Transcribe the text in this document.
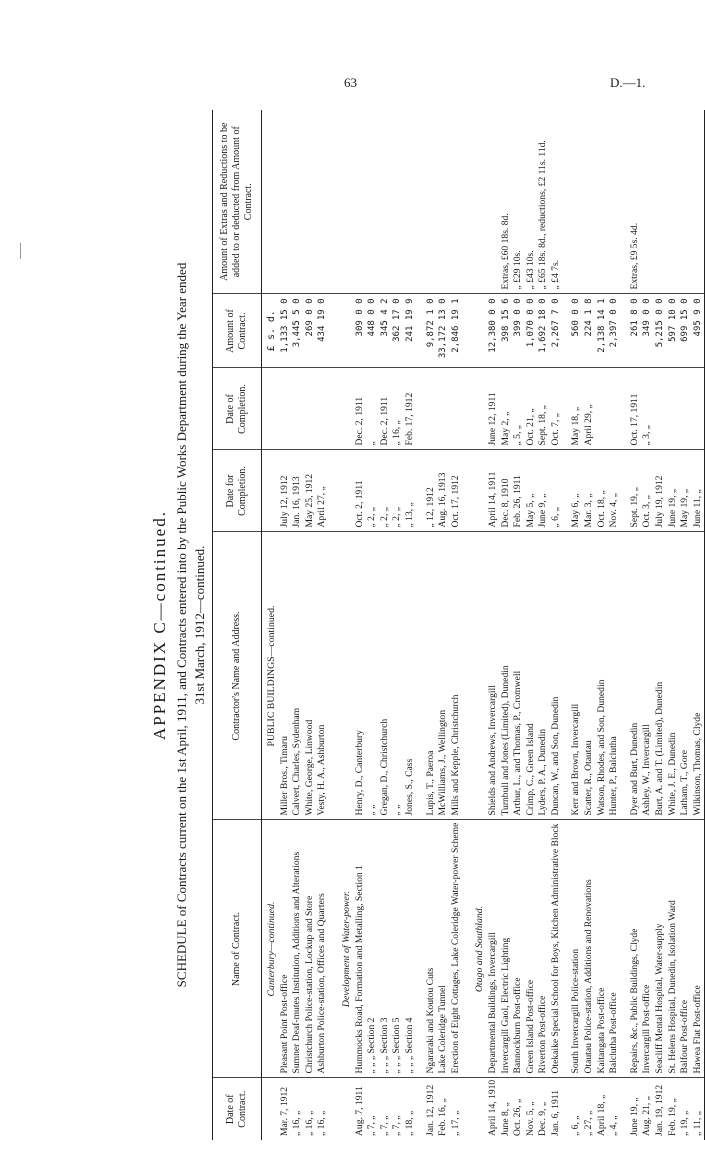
63	D.—1.
APPENDIX C—continued. SCHEDULE of Contracts current on the 1st April, 1911, and Contracts entered into by the Public Works Department during the Year ended 31st March, 1912—continued.
Date of Contract.	Name of Contract.	Contractor's Name and Address.	Date for Completion.	Date of Completion.	Amount of Contract.	Amount of Extras and Reductions to be added to or deducted from Amount of Contract.
	Canterbury—continued.	PUBLIC BUILDINGS—continued.			£ s. d.	
Mar. 7, 1912	Pleasant Point Post-office	Miller Bros., Timaru	July 12, 1912		1,133 15 0	
„ 16, „	Sumner Deaf-mutes Institution, Additions and Alterations	Calvert, Charles, Sydenham	Jan. 16, 1913		3,445 5 0	
„ 16, „	Christchurch Police-station, Lockup and Store	White, George, Linwood	May 25, 1912		269 0 0	
„ 16, „	Ashburton Police-station, Offices and Quarters	Vesty, H. A., Ashburton	April 27, „		434 19 0	

	Development of Water-power.					
Aug. 7, 1911	Hummocks Road, Formation and Metalling, Section 1	Henry, D., Canterbury	Oct. 2, 1911	Dec. 2, 1911	309 0 0	
„ 7, „	„ „ „ Section 2	„ „	„ 2, „	„	448 0 0	
„ 7, „	„ „ „ Section 3	Gregan, D., Christchurch	„ 2, „	Dec. 2, 1911	345 4 2	
„ 7, „	„ „ „ Section 5	„ „	„ 2, „	„ 16, „	362 17 0	
„ 18, „	„ „ „ Section 4	Jones, S., Cass	„ 13, „	Feb. 17, 1912	241 19 9	

Jan. 12, 1912	Ngararaki and Koutou Cuts	Lupis, T., Paeroa	„ 12, 1912		9,872 1 0	
Feb. 16, „	Lake Coleridge Tunnel	McWilliams, J., Wellington	Aug. 16, 1913		33,172 13 0	
„ 17, „	Erection of Eight Cottages, Lake Coleridge Water-power Scheme	Mills and Kepple, Christchurch	Oct. 17, 1912		2,846 19 1	

	Otago and Southland.					
April 14, 1910	Departmental Buildings, Invercargill	Shields and Andrews, Invercargill	April 14, 1911	June 12, 1911	12,380 0 0	
June 8, „	Invercargill Gaol, Electric Lighting	Turnbull and Jones (Limited), Dunedin	Dec. 8, 1910	May 2, „	398 15 6	Extras, £60 18s. 8d.
Oct. 26, „	Bannockburn Post-office	Arthur, L., and Thomas, P., Cromwell	Feb. 26, 1911	„ 5, „	399 0 0	„ £29 10s.
Nov. 5, „	Green Island Post-office	Crimp, C., Green Island	May 5, „	Oct. 21, „	1,070 0 0	„ £43 10s.
Dec. 9, „	Riverton Post-office	Lyders, P. A., Dunedin	June 9, „	Sept. 18, „	1,692 18 0	„ £65 18s. 8d., reductions, £2 11s. 11d.
Jan. 6, 1911	Otekaike Special School for Boys, Kitchen Administrative Block	Duncan, W., and Son, Dunedin	„ 6, „	Oct. 7, „	2,267 7 0	„ £4 7s.

„ 6, „	South Invercargill Police-station	Kerr and Brown, Invercargill	May 6, „	May 18, „	560 0 0	
„ 27, „	Otautau Police-station, Additions and Renovations	Scatter, R., Otautau	Mar. 3, „	April 29, „	224 1 8	
April 18, „	Kaitangata Post-office	Watson, Rhodes, and Son, Dunedin	Oct. 18, „		2,138 14 1	
„ 4, „	Balclutha Post-office	Hunter, P., Balclutha	Nov. 4, „		2,397 0 0	

June 19, „	Repairs, &c., Public Buildings, Clyde	Dyer and Burt, Dunedin	Sept. 19, „	Oct. 17, 1911	261 8 0	Extras, £9 5s. 4d.
Aug. 21, „	Invercargill Post-office	Ashley, W., Invercargill	Oct. 3, „	„ 3, „	349 0 0	
Jan. 19, 1912	Seacliff Mental Hospital, Water-supply	Burt, A. and T. (Limited), Dunedin	July 19, 1912		5,215 0 0	
Feb. 19, „	St. Helens Hospital, Dunedin, Isolation Ward	White, J. E., Dunedin	June 19, „		597 10 0	
„ 19, „	Balfour Post-office	Latham, T., Gore	May 19, „		699 15 0	
„ 11, „	Hawea Flat Post-office	Wilkinson, Thomas, Clyde	June 11, „		495 9 0	
